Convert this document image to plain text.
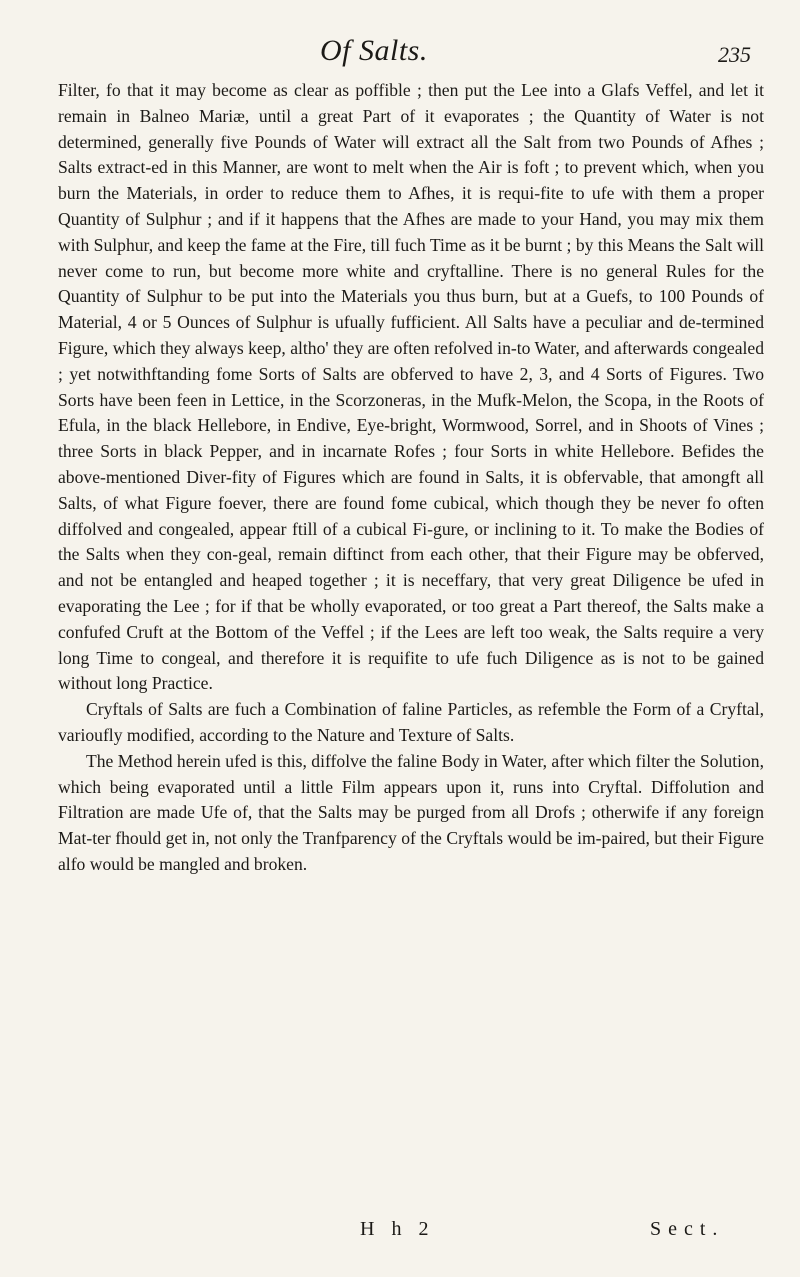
Of Salts.	235

Filter, fo that it may become as clear as poffible ; then put the Lee into a Glafs Veffel, and let it remain in Balneo Mariæ, until a great Part of it evaporates ; the Quantity of Water is not determined, generally five Pounds of Water will extract all the Salt from two Pounds of Afhes ; Salts extract-ed in this Manner, are wont to melt when the Air is foft ; to prevent which, when you burn the Materials, in order to reduce them to Afhes, it is requi-fite to ufe with them a proper Quantity of Sulphur ; and if it happens that the Afhes are made to your Hand, you may mix them with Sulphur, and keep the fame at the Fire, till fuch Time as it be burnt ; by this Means the Salt will never come to run, but become more white and cryftalline. There is no general Rules for the Quantity of Sulphur to be put into the Materials you thus burn, but at a Guefs, to 100 Pounds of Material, 4 or 5 Ounces of Sulphur is ufually fufficient. All Salts have a peculiar and de-termined Figure, which they always keep, altho' they are often refolved in-to Water, and afterwards congealed ; yet notwithftanding fome Sorts of Salts are obferved to have 2, 3, and 4 Sorts of Figures. Two Sorts have been feen in Lettice, in the Scorzoneras, in the Mufk-Melon, the Scopa, in the Roots of Efula, in the black Hellebore, in Endive, Eye-bright, Wormwood, Sorrel, and in Shoots of Vines ; three Sorts in black Pepper, and in incarnate Rofes ; four Sorts in white Hellebore. Befides the above-mentioned Diver-fity of Figures which are found in Salts, it is obfervable, that amongft all Salts, of what Figure foever, there are found fome cubical, which though they be never fo often diffolved and congealed, appear ftill of a cubical Fi-gure, or inclining to it. To make the Bodies of the Salts when they con-geal, remain diftinct from each other, that their Figure may be obferved, and not be entangled and heaped together ; it is neceffary, that very great Diligence be ufed in evaporating the Lee ; for if that be wholly evaporated, or too great a Part thereof, the Salts make a confufed Cruft at the Bottom of the Veffel ; if the Lees are left too weak, the Salts require a very long Time to congeal, and therefore it is requifite to ufe fuch Diligence as is not to be gained without long Practice.

Cryftals of Salts are fuch a Combination of faline Particles, as refemble the Form of a Cryftal, varioufly modified, according to the Nature and Texture of Salts.

The Method herein ufed is this, diffolve the faline Body in Water, after which filter the Solution, which being evaporated until a little Film appears upon it, runs into Cryftal. Diffolution and Filtration are made Ufe of, that the Salts may be purged from all Drofs ; otherwife if any foreign Mat-ter fhould get in, not only the Tranfparency of the Cryftals would be im-paired, but their Figure alfo would be mangled and broken.

H h 2	Sect.
